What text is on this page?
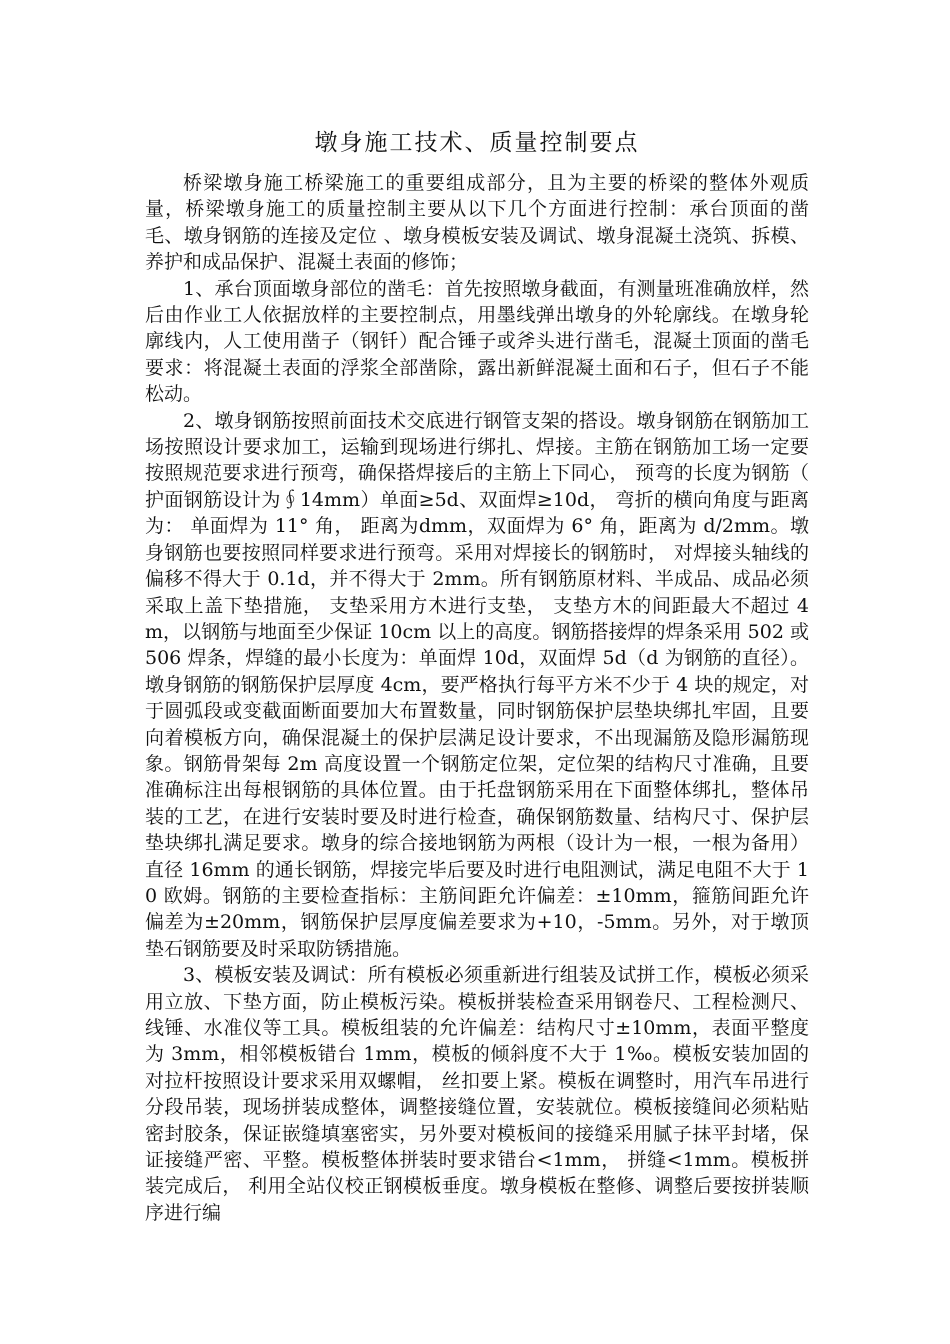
墩身施工技术、质量控制要点

桥梁墩身施工桥梁施工的重要组成部分，且为主要的桥梁的整体外观质量，桥梁墩身施工的质量控制主要从以下几个方面进行控制：承台顶面的凿毛、墩身钢筋的连接及定位 、墩身模板安装及调试、墩身混凝土浇筑、拆模、养护和成品保护、混凝土表面的修饰；

1、承台顶面墩身部位的凿毛：首先按照墩身截面，有测量班准确放样，然后由作业工人依据放样的主要控制点，用墨线弹出墩身的外轮廓线。在墩身轮廓线内，人工使用凿子（钢钎）配合锤子或斧头进行凿毛，混凝土顶面的凿毛要求：将混凝土表面的浮浆全部凿除，露出新鲜混凝土面和石子，但石子不能松动。

2、墩身钢筋按照前面技术交底进行钢管支架的搭设。墩身钢筋在钢筋加工场按照设计要求加工，运输到现场进行绑扎、焊接。主筋在钢筋加工场一定要按照规范要求进行预弯，确保搭焊接后的主筋上下同心， 预弯的长度为钢筋（ 护面钢筋设计为∮14mm）单面≥5d、双面焊≥10d， 弯折的横向角度与距离为： 单面焊为 11° 角， 距离为dmm，双面焊为 6° 角，距离为 d/2mm。墩身钢筋也要按照同样要求进行预弯。采用对焊接长的钢筋时， 对焊接头轴线的偏移不得大于 0.1d，并不得大于 2mm。所有钢筋原材料、半成品、成品必须采取上盖下垫措施， 支垫采用方木进行支垫， 支垫方木的间距最大不超过 4m，以钢筋与地面至少保证 10cm 以上的高度。钢筋搭接焊的焊条采用 502 或 506 焊条，焊缝的最小长度为：单面焊 10d，双面焊 5d（d 为钢筋的直径）。墩身钢筋的钢筋保护层厚度 4cm，要严格执行每平方米不少于 4 块的规定，对于圆弧段或变截面断面要加大布置数量，同时钢筋保护层垫块绑扎牢固，且要向着模板方向，确保混凝土的保护层满足设计要求，不出现漏筋及隐形漏筋现象。钢筋骨架每 2m 高度设置一个钢筋定位架，定位架的结构尺寸准确，且要准确标注出每根钢筋的具体位置。由于托盘钢筋采用在下面整体绑扎，整体吊装的工艺，在进行安装时要及时进行检查，确保钢筋数量、结构尺寸、保护层垫块绑扎满足要求。墩身的综合接地钢筋为两根（设计为一根，一根为备用）直径 16mm 的通长钢筋，焊接完毕后要及时进行电阻测试，满足电阻不大于 10 欧姆。钢筋的主要检查指标：主筋间距允许偏差：±10mm，箍筋间距允许偏差为±20mm，钢筋保护层厚度偏差要求为+10，-5mm。另外，对于墩顶垫石钢筋要及时采取防锈措施。

3、模板安装及调试：所有模板必须重新进行组装及试拼工作，模板必须采用立放、下垫方面，防止模板污染。模板拼装检查采用钢卷尺、工程检测尺、线锤、水准仪等工具。模板组装的允许偏差：结构尺寸±10mm，表面平整度为 3mm，相邻模板错台 1mm，模板的倾斜度不大于 1‰。模板安装加固的对拉杆按照设计要求采用双螺帽， 丝扣要上紧。模板在调整时，用汽车吊进行分段吊装，现场拼装成整体，调整接缝位置，安装就位。模板接缝间必须粘贴密封胶条，保证嵌缝填塞密实，另外要对模板间的接缝采用腻子抹平封堵，保证接缝严密、平整。模板整体拼装时要求错台<1mm， 拼缝<1mm。模板拼装完成后， 利用全站仪校正钢模板垂度。墩身模板在整修、调整后要按拼装顺序进行编
